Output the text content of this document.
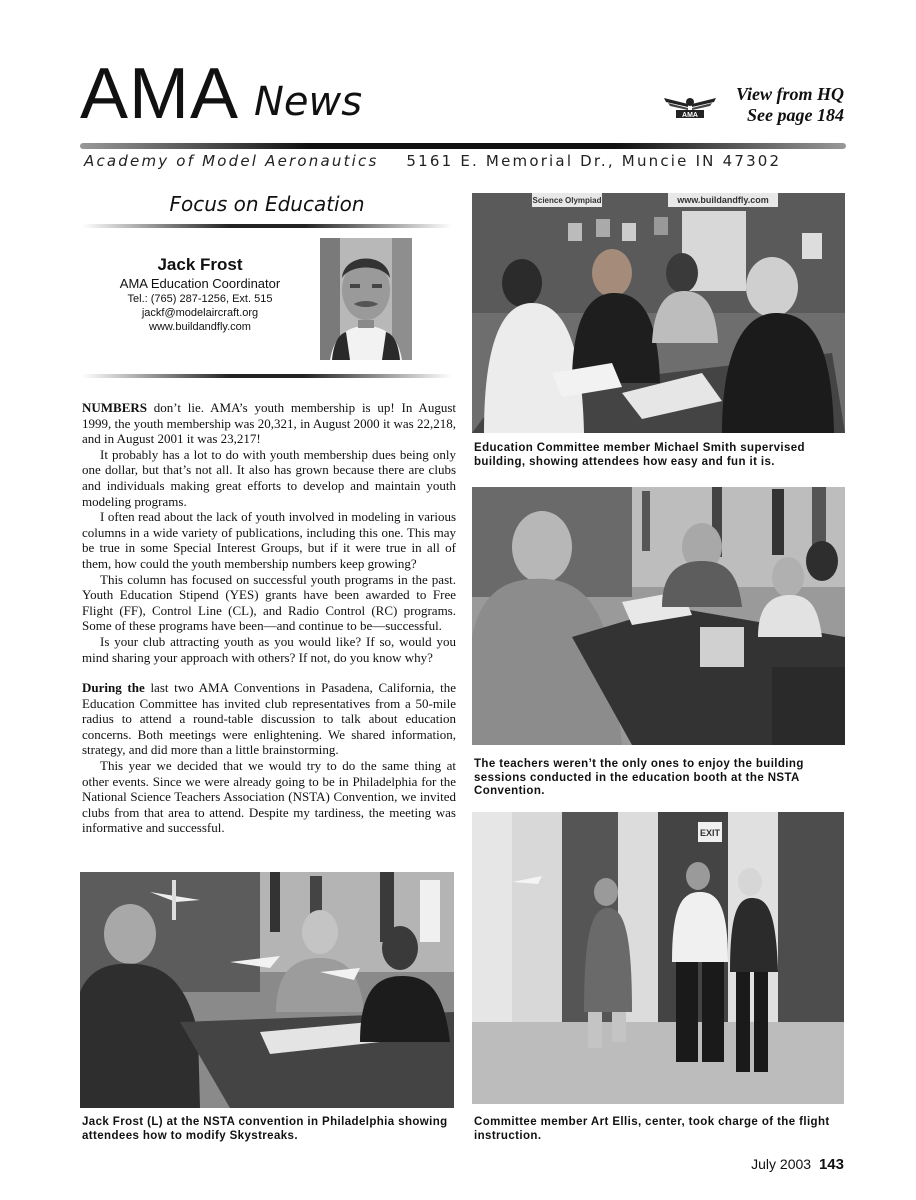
AMA News	AMA
View from HQ
See page 184
Academy of Model Aeronautics 5161 E. Memorial Dr., Muncie IN 47302
Focus on Education
Jack Frost
AMA Education Coordinator
Tel.: (765) 287-1256, Ext. 515
jackf@modelaircraft.org
www.buildandfly.com

NUMBERS don’t lie. AMA’s youth membership is up! In August 1999, the youth membership was 20,321, in August 2000 it was 22,218, and in August 2001 it was 23,217!

It probably has a lot to do with youth membership dues being only one dollar, but that’s not all. It also has grown because there are clubs and individuals making great efforts to develop and maintain youth modeling programs.

I often read about the lack of youth involved in modeling in various columns in a wide variety of publications, including this one. This may be true in some Special Interest Groups, but if it were true in all of them, how could the youth membership numbers keep growing?

This column has focused on successful youth programs in the past. Youth Education Stipend (YES) grants have been awarded to Free Flight (FF), Control Line (CL), and Radio Control (RC) programs. Some of these programs have been—and continue to be—successful.

Is your club attracting youth as you would like? If so, would you mind sharing your approach with others? If not, do you know why?

During the last two AMA Conventions in Pasadena, California, the Education Committee has invited club representatives from a 50-mile radius to attend a round-table discussion to talk about education concerns. Both meetings were enlightening. We shared information, strategy, and did more than a little brainstorming.

This year we decided that we would try to do the same thing at other events. Since we were already going to be in Philadelphia for the National Science Teachers Association (NSTA) Convention, we invited clubs from that area to attend. Despite my tardiness, the meeting was informative and successful.

Science Olympiad	www.buildandfly.com
Education Committee member Michael Smith supervised building, showing attendees how easy and fun it is.
The teachers weren’t the only ones to enjoy the building sessions conducted in the education booth at the NSTA Convention.
EXIT
Committee member Art Ellis, center, took charge of the flight instruction.
Jack Frost (L) at the NSTA convention in Philadelphia showing attendees how to modify Skystreaks.
July 2003 143
